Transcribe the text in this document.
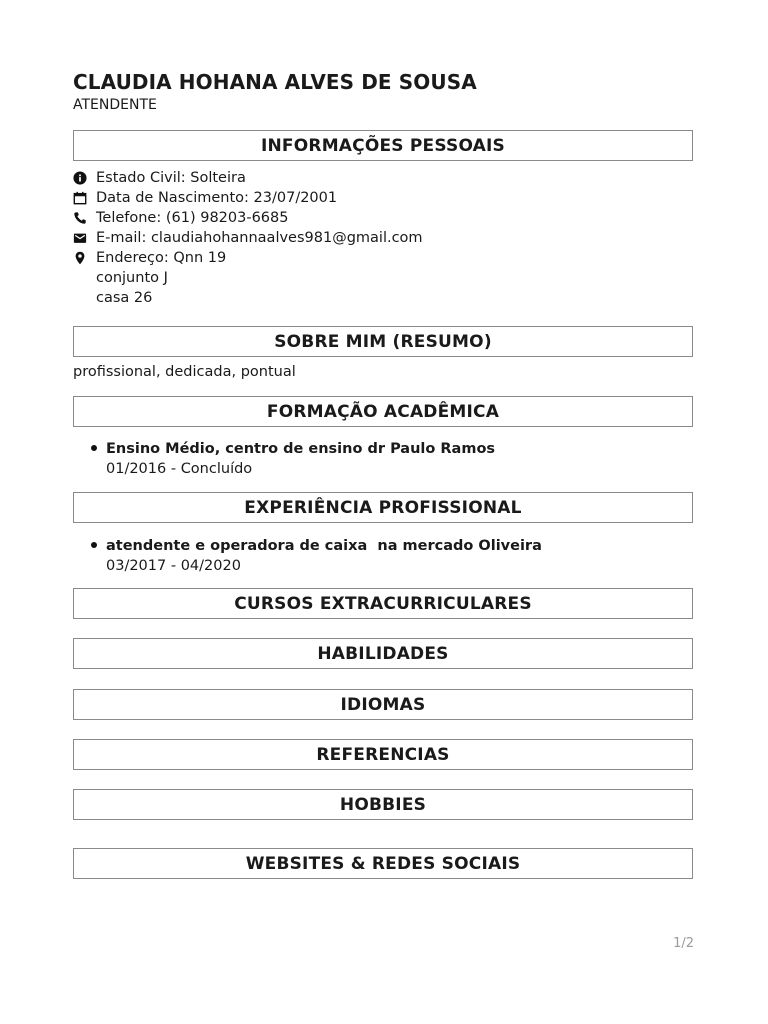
CLAUDIA HOHANA ALVES DE SOUSA

ATENDENTE

INFORMAÇÕES PESSOAIS
Estado Civil: Solteira
Data de Nascimento: 23/07/2001
Telefone: (61) 98203-6685
E-mail: claudiahohannaalves981@gmail.com
Endereço: Qnn 19
conjunto J
casa 26
SOBRE MIM (RESUMO)

profissional, dedicada, pontual

FORMAÇÃO ACADÊMICA
Ensino Médio, centro de ensino dr Paulo Ramos
01/2016 - Concluído
EXPERIÊNCIA PROFISSIONAL
atendente e operadora de caixa  na mercado Oliveira
03/2017 - 04/2020
CURSOS EXTRACURRICULARES
HABILIDADES
IDIOMAS
REFERENCIAS
HOBBIES
WEBSITES & REDES SOCIAIS
1/2
